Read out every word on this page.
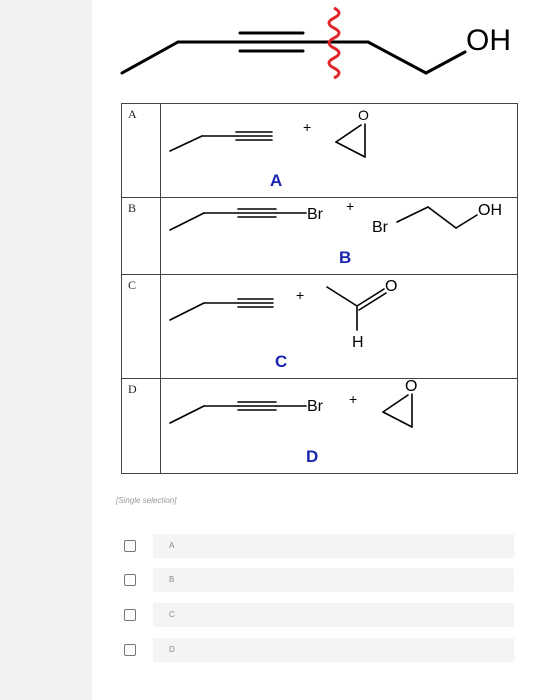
OH
+
O
A
+
Br
Br
OH
B
+	O
H
C
+
Br
O
D
A
B
C
D
[Single selection]
A
B
C
D
